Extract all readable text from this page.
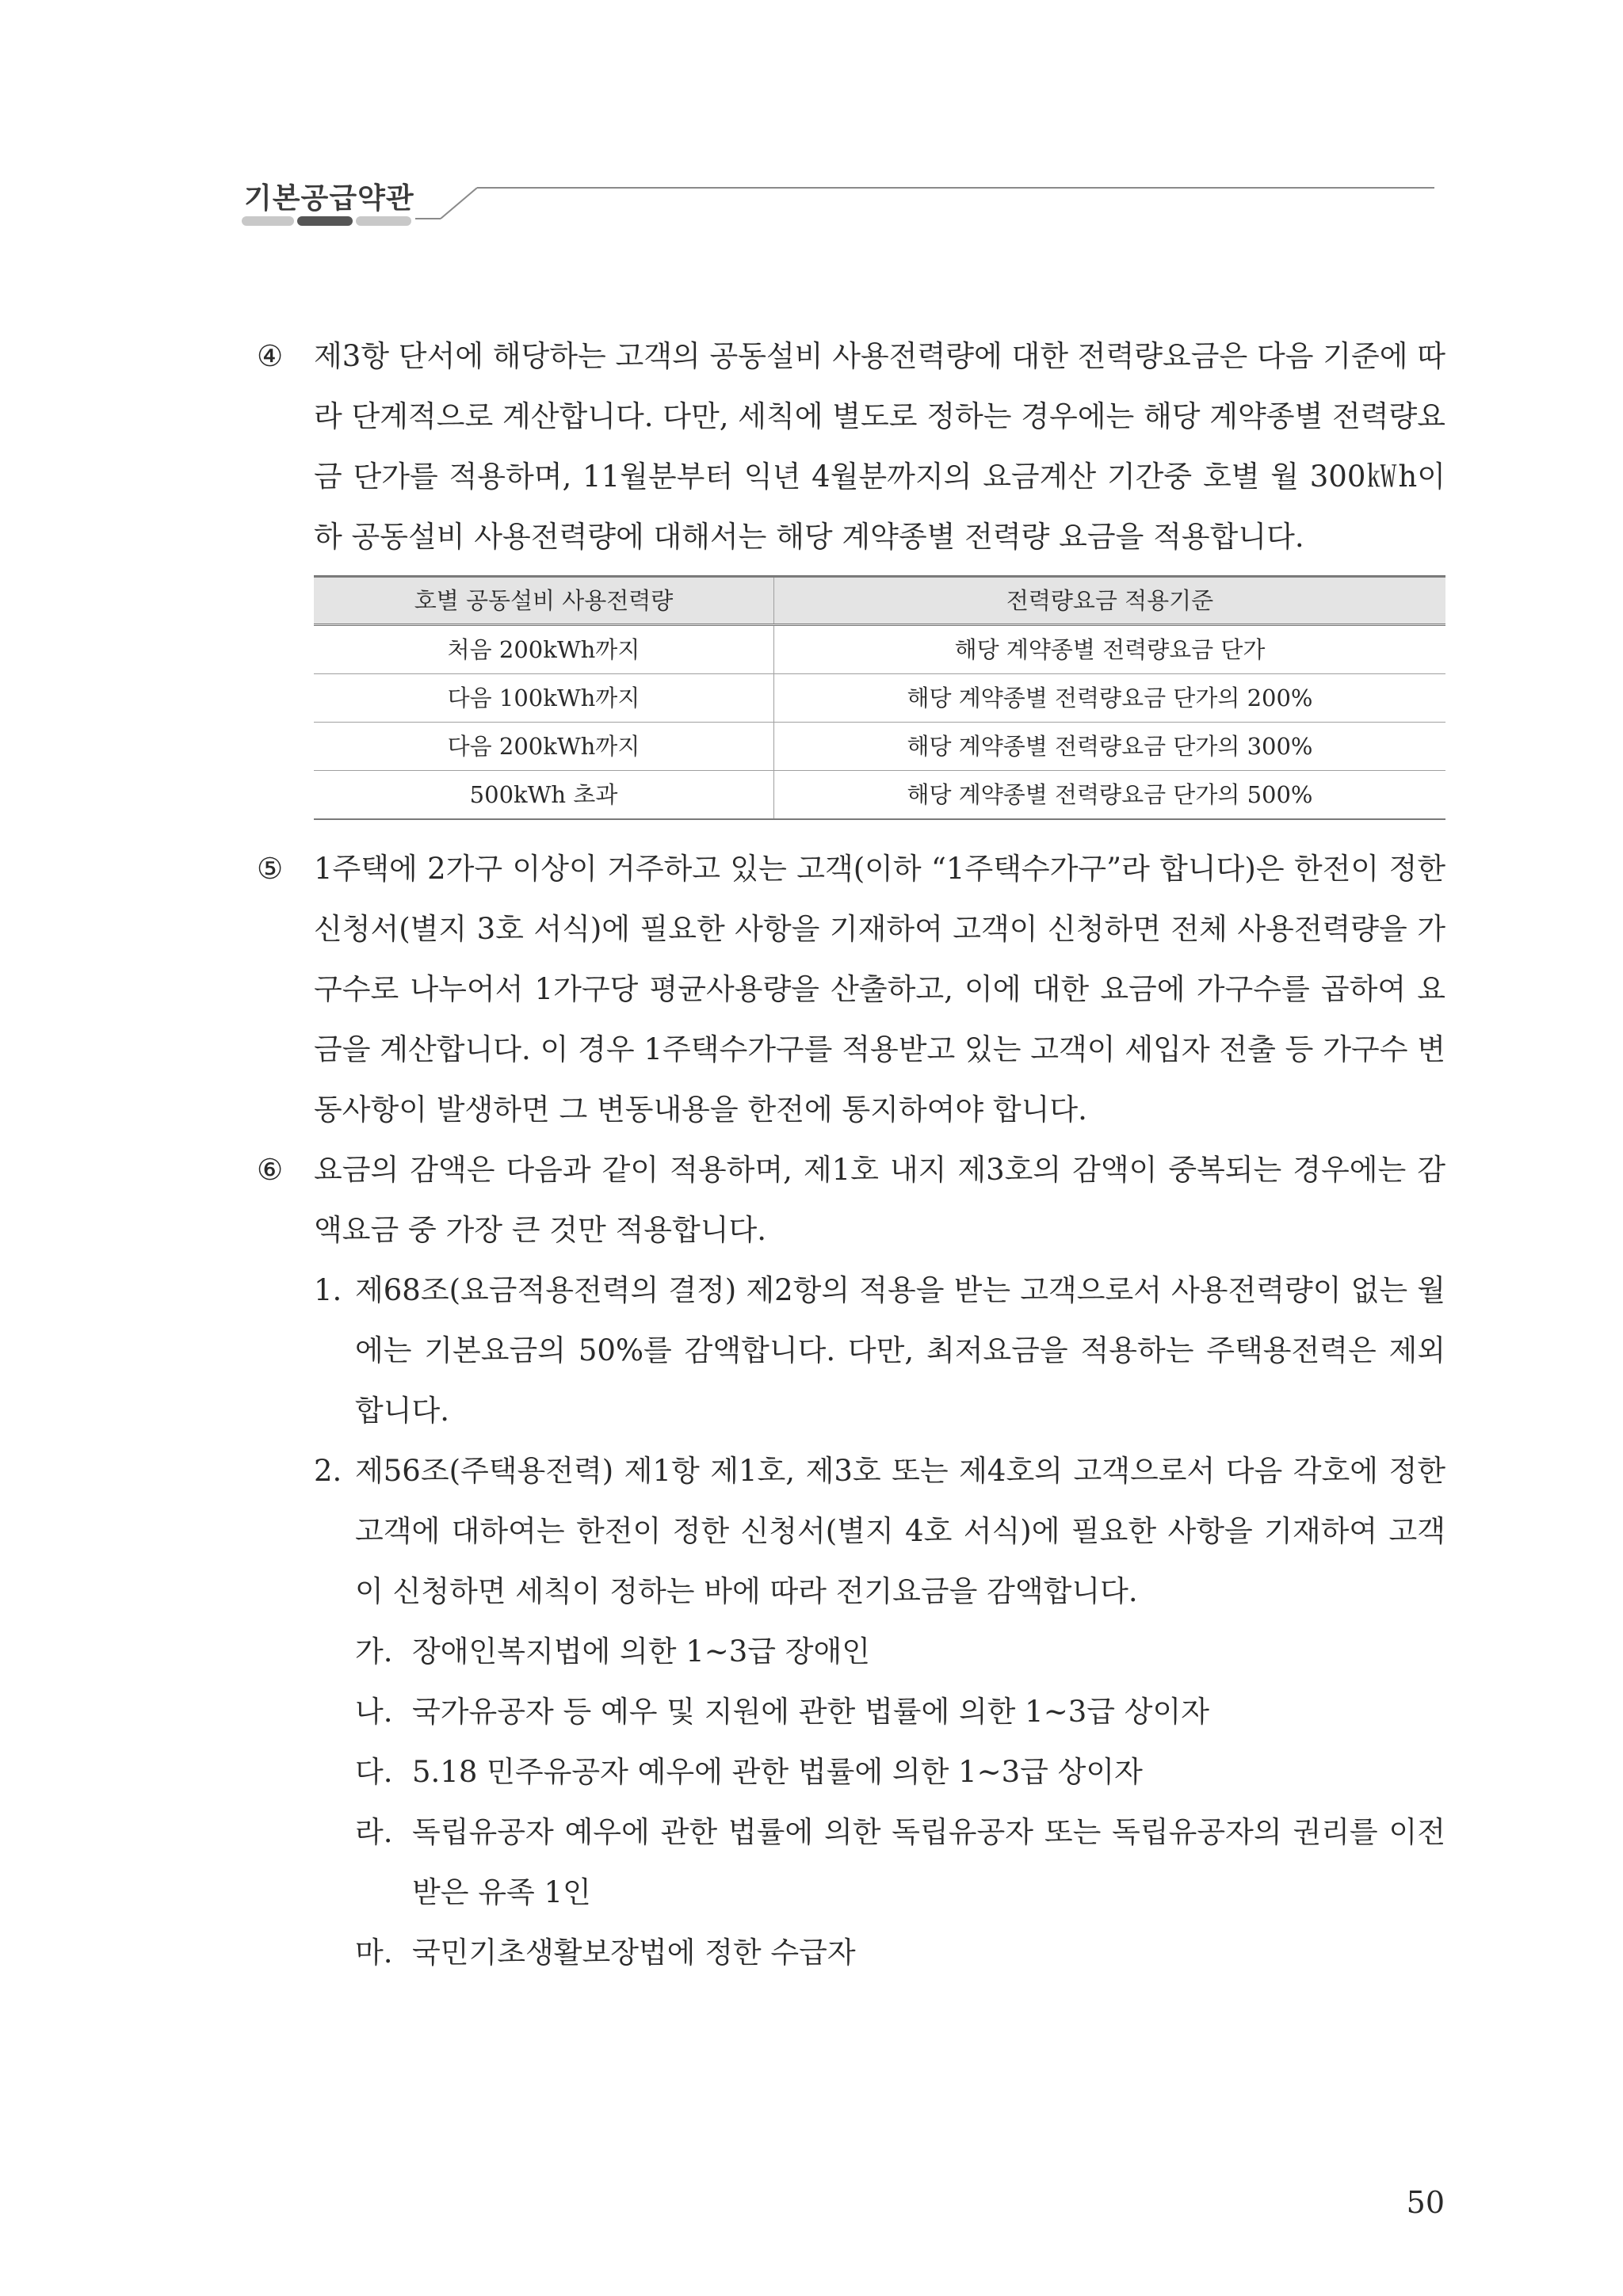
기본공급약관

④ 제3항 단서에 해당하는 고객의 공동설비 사용전력량에 대한 전력량요금은 다음 기준에 따라 단계적으로 계산합니다. 다만, 세칙에 별도로 정하는 경우에는 해당 계약종별 전력량요금 단가를 적용하며, 11월분부터 익년 4월분까지의 요금계산 기간중 호별 월 300㎾h이하 공동설비 사용전력량에 대해서는 해당 계약종별 전력량 요금을 적용합니다.

호별 공동설비 사용전력량	전력량요금 적용기준
처음 200kWh까지	해당 계약종별 전력량요금 단가
다음 100kWh까지	해당 계약종별 전력량요금 단가의 200%
다음 200kWh까지	해당 계약종별 전력량요금 단가의 300%
500kWh 초과	해당 계약종별 전력량요금 단가의 500%

⑤ 1주택에 2가구 이상이 거주하고 있는 고객(이하 “1주택수가구”라 합니다)은 한전이 정한 신청서(별지 3호 서식)에 필요한 사항을 기재하여 고객이 신청하면 전체 사용전력량을 가구수로 나누어서 1가구당 평균사용량을 산출하고, 이에 대한 요금에 가구수를 곱하여 요금을 계산합니다. 이 경우 1주택수가구를 적용받고 있는 고객이 세입자 전출 등 가구수 변동사항이 발생하면 그 변동내용을 한전에 통지하여야 합니다.

⑥ 요금의 감액은 다음과 같이 적용하며, 제1호 내지 제3호의 감액이 중복되는 경우에는 감액요금 중 가장 큰 것만 적용합니다.

1. 제68조(요금적용전력의 결정) 제2항의 적용을 받는 고객으로서 사용전력량이 없는 월에는 기본요금의 50%를 감액합니다. 다만, 최저요금을 적용하는 주택용전력은 제외합니다.

2. 제56조(주택용전력) 제1항 제1호, 제3호 또는 제4호의 고객으로서 다음 각호에 정한 고객에 대하여는 한전이 정한 신청서(별지 4호 서식)에 필요한 사항을 기재하여 고객이 신청하면 세칙이 정하는 바에 따라 전기요금을 감액합니다.

가. 장애인복지법에 의한 1~3급 장애인

나. 국가유공자 등 예우 및 지원에 관한 법률에 의한 1~3급 상이자

다. 5.18 민주유공자 예우에 관한 법률에 의한 1~3급 상이자

라. 독립유공자 예우에 관한 법률에 의한 독립유공자 또는 독립유공자의 권리를 이전받은 유족 1인

마. 국민기초생활보장법에 정한 수급자

50
